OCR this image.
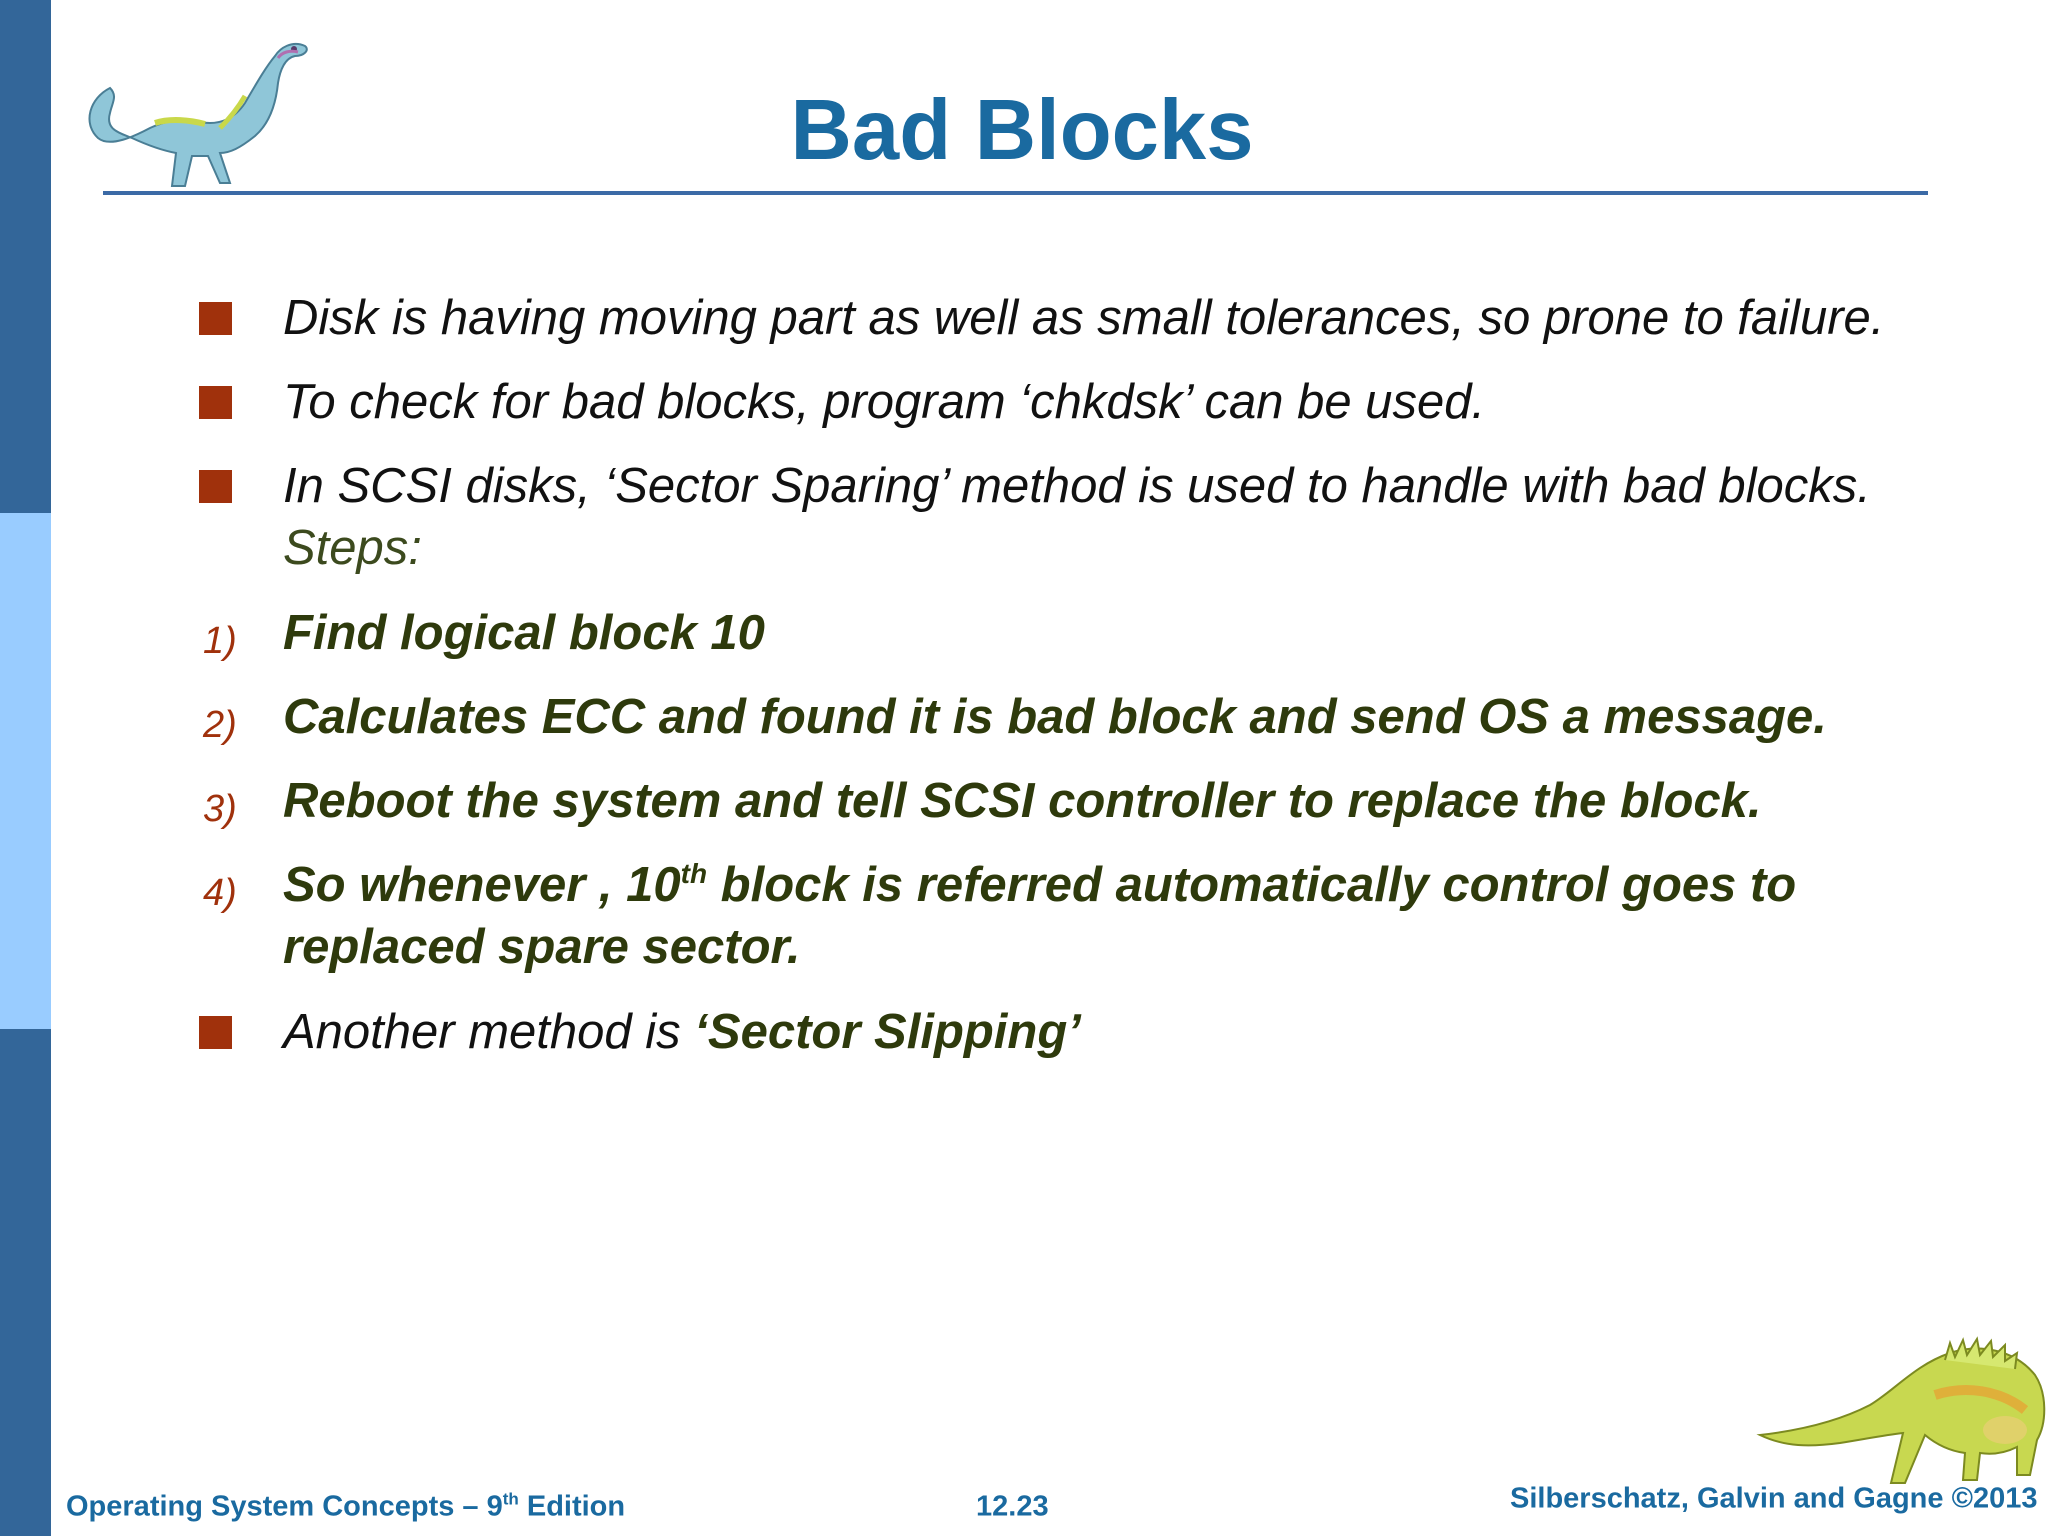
Bad Blocks
Disk is having moving part as well as small tolerances, so prone to failure.
To check for bad blocks, program ‘chkdsk’ can be used.
In SCSI disks, ‘Sector Sparing’ method is used to handle with bad blocks.
Steps:
1) Find logical block 10
2) Calculates ECC and found it is bad block and send OS a message.
3) Reboot the system and tell SCSI controller to replace the block.
4) So whenever , 10th block is referred automatically control goes to
replaced spare sector.
Another method is ‘Sector Slipping’
Operating System Concepts – 9th Edition	12.23	Silberschatz, Galvin and Gagne ©2013
